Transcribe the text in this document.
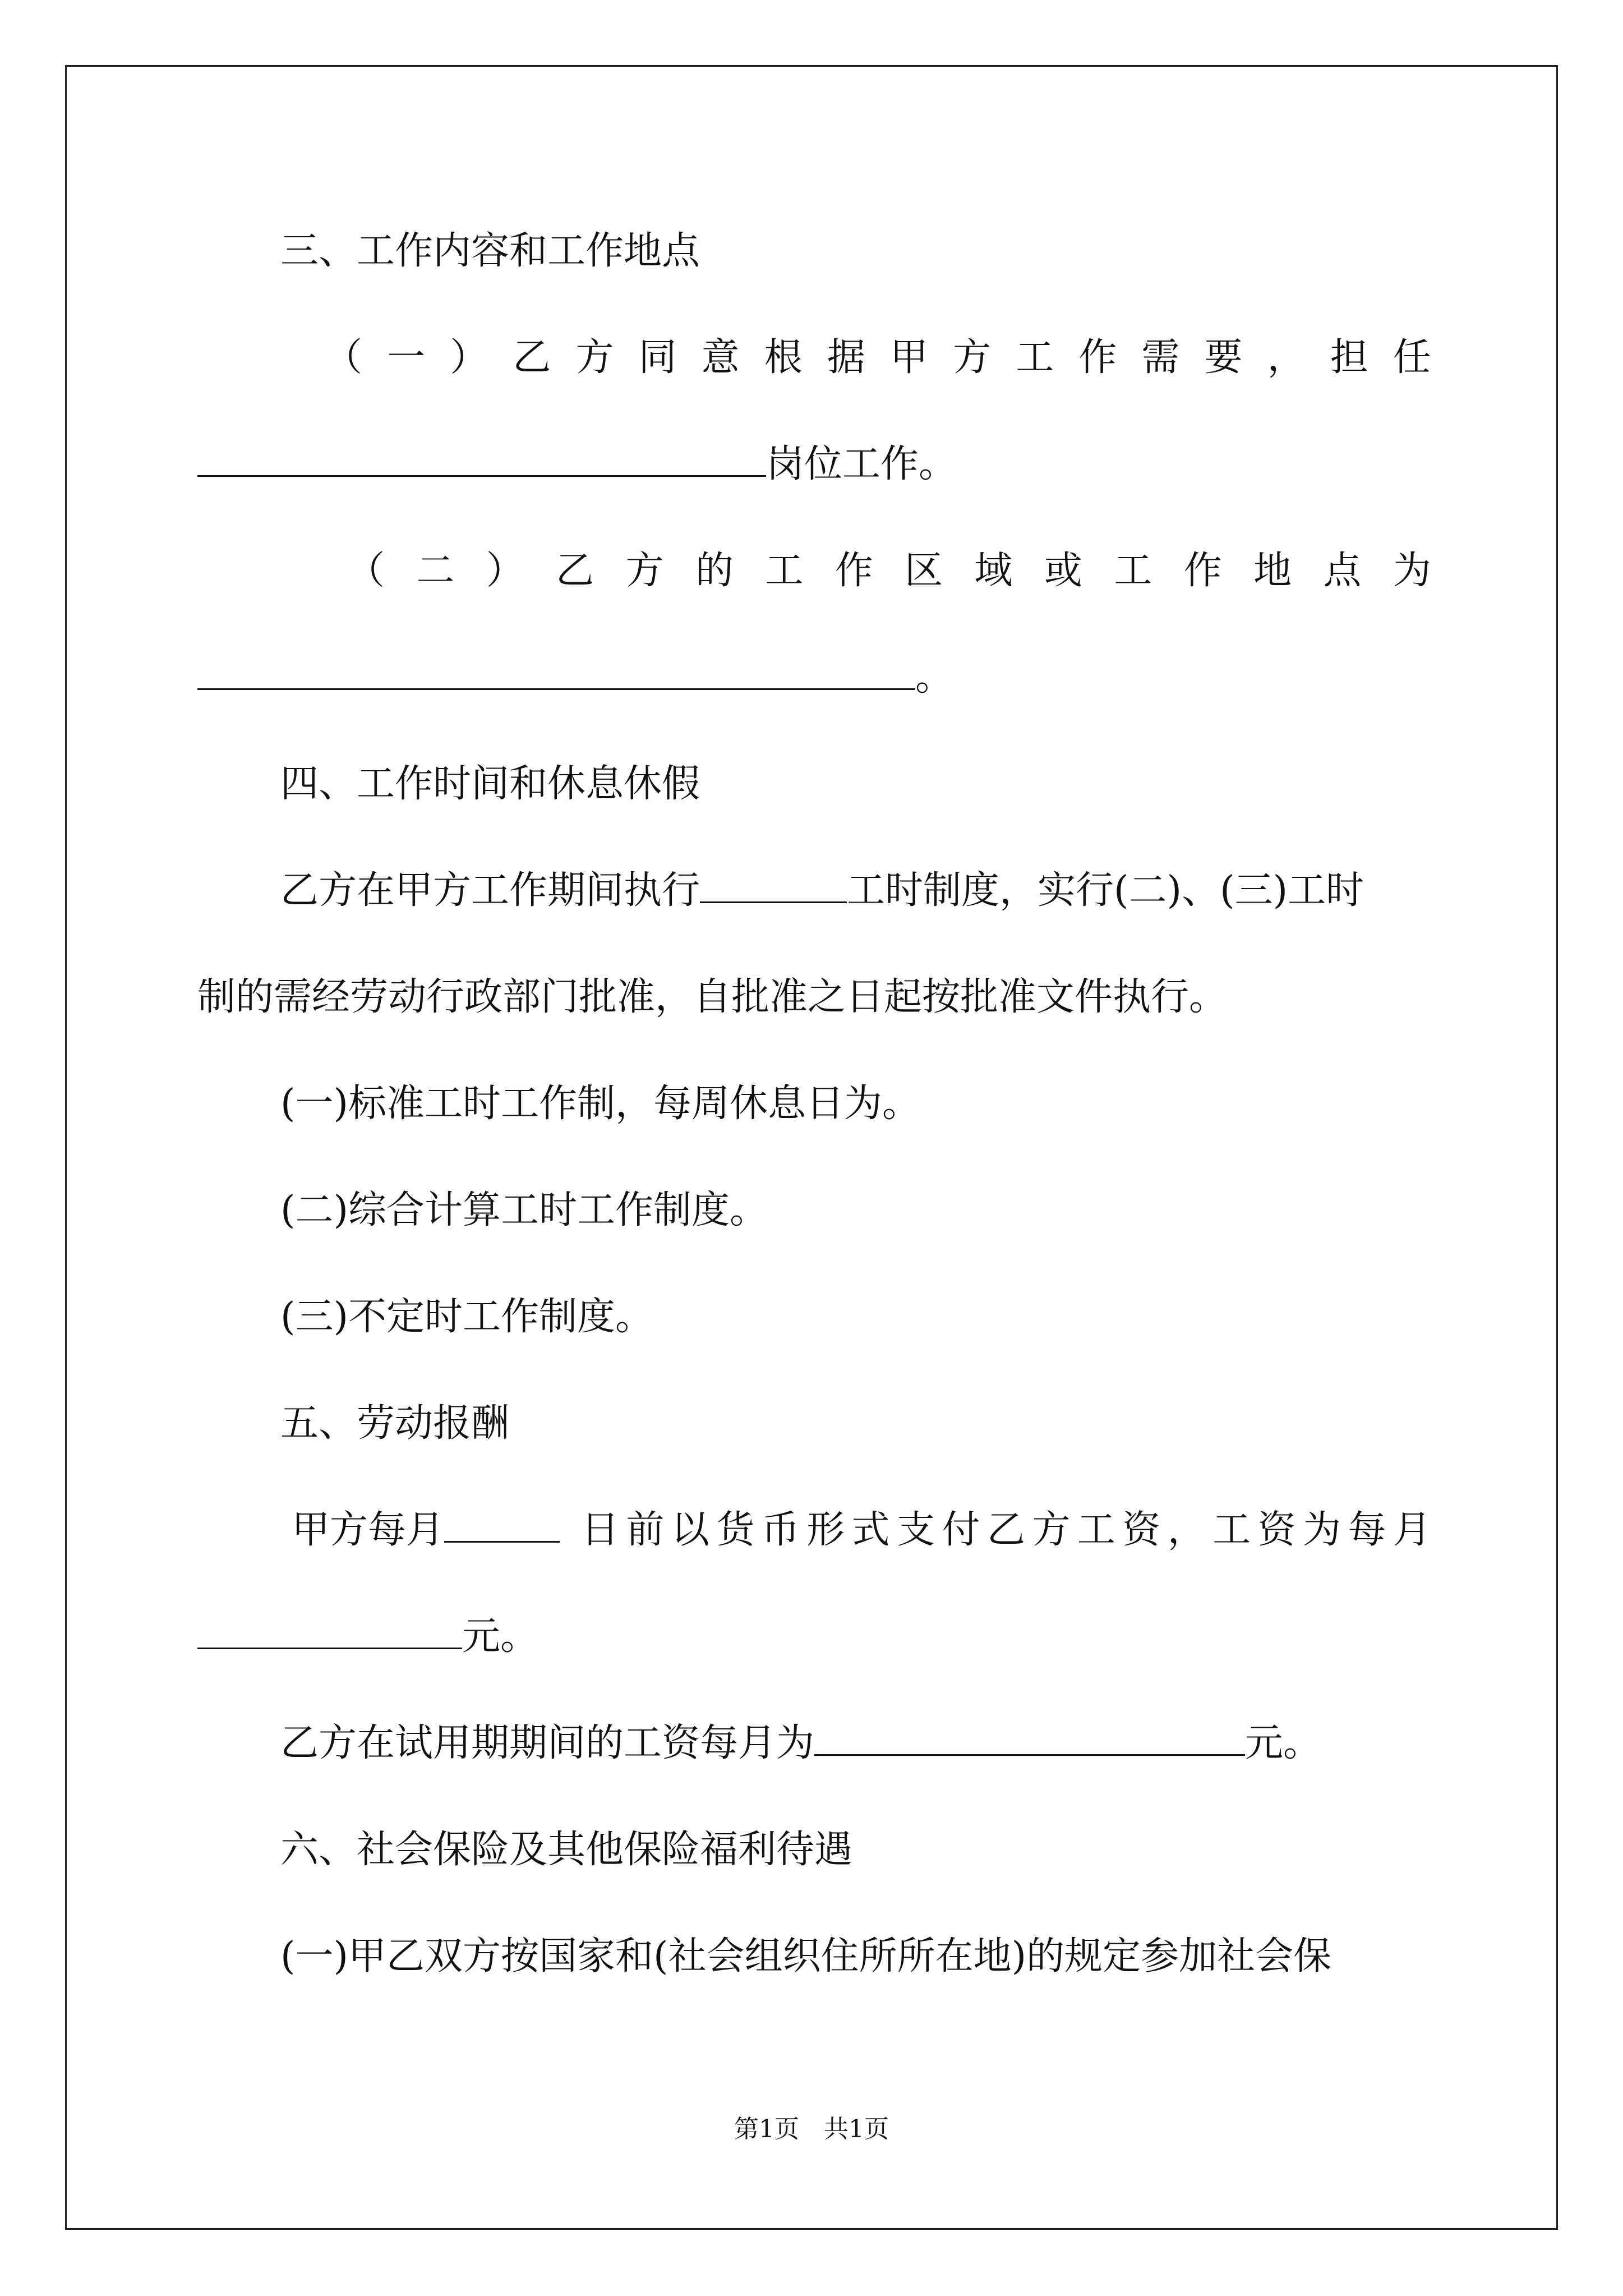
三、工作内容和工作地点
（ 一 ） 乙 方 同 意 根 据 甲 方 工 作 需 要 ， 担 任
岗位工作。
（ 二 ） 乙 方 的 工 作 区 域 或 工 作 地 点 为
。
四、工作时间和休息休假
乙方在甲方工作期间执行	工时制度，实行(二)、(三)工时
制的需经劳动行政部门批准，自批准之日起按批准文件执行。
(一)标准工时工作制，每周休息日为。
(二)综合计算工时工作制度。
(三)不定时工作制度。
五、劳动报酬
甲方每月	日 前 以 货 币 形 式 支 付 乙 方 工 资 ， 工 资 为 每 月
元。
乙方在试用期期间的工资每月为	元。
六、社会保险及其他保险福利待遇
(一)甲乙双方按国家和(社会组织住所所在地)的规定参加社会保
第1页 共1页
